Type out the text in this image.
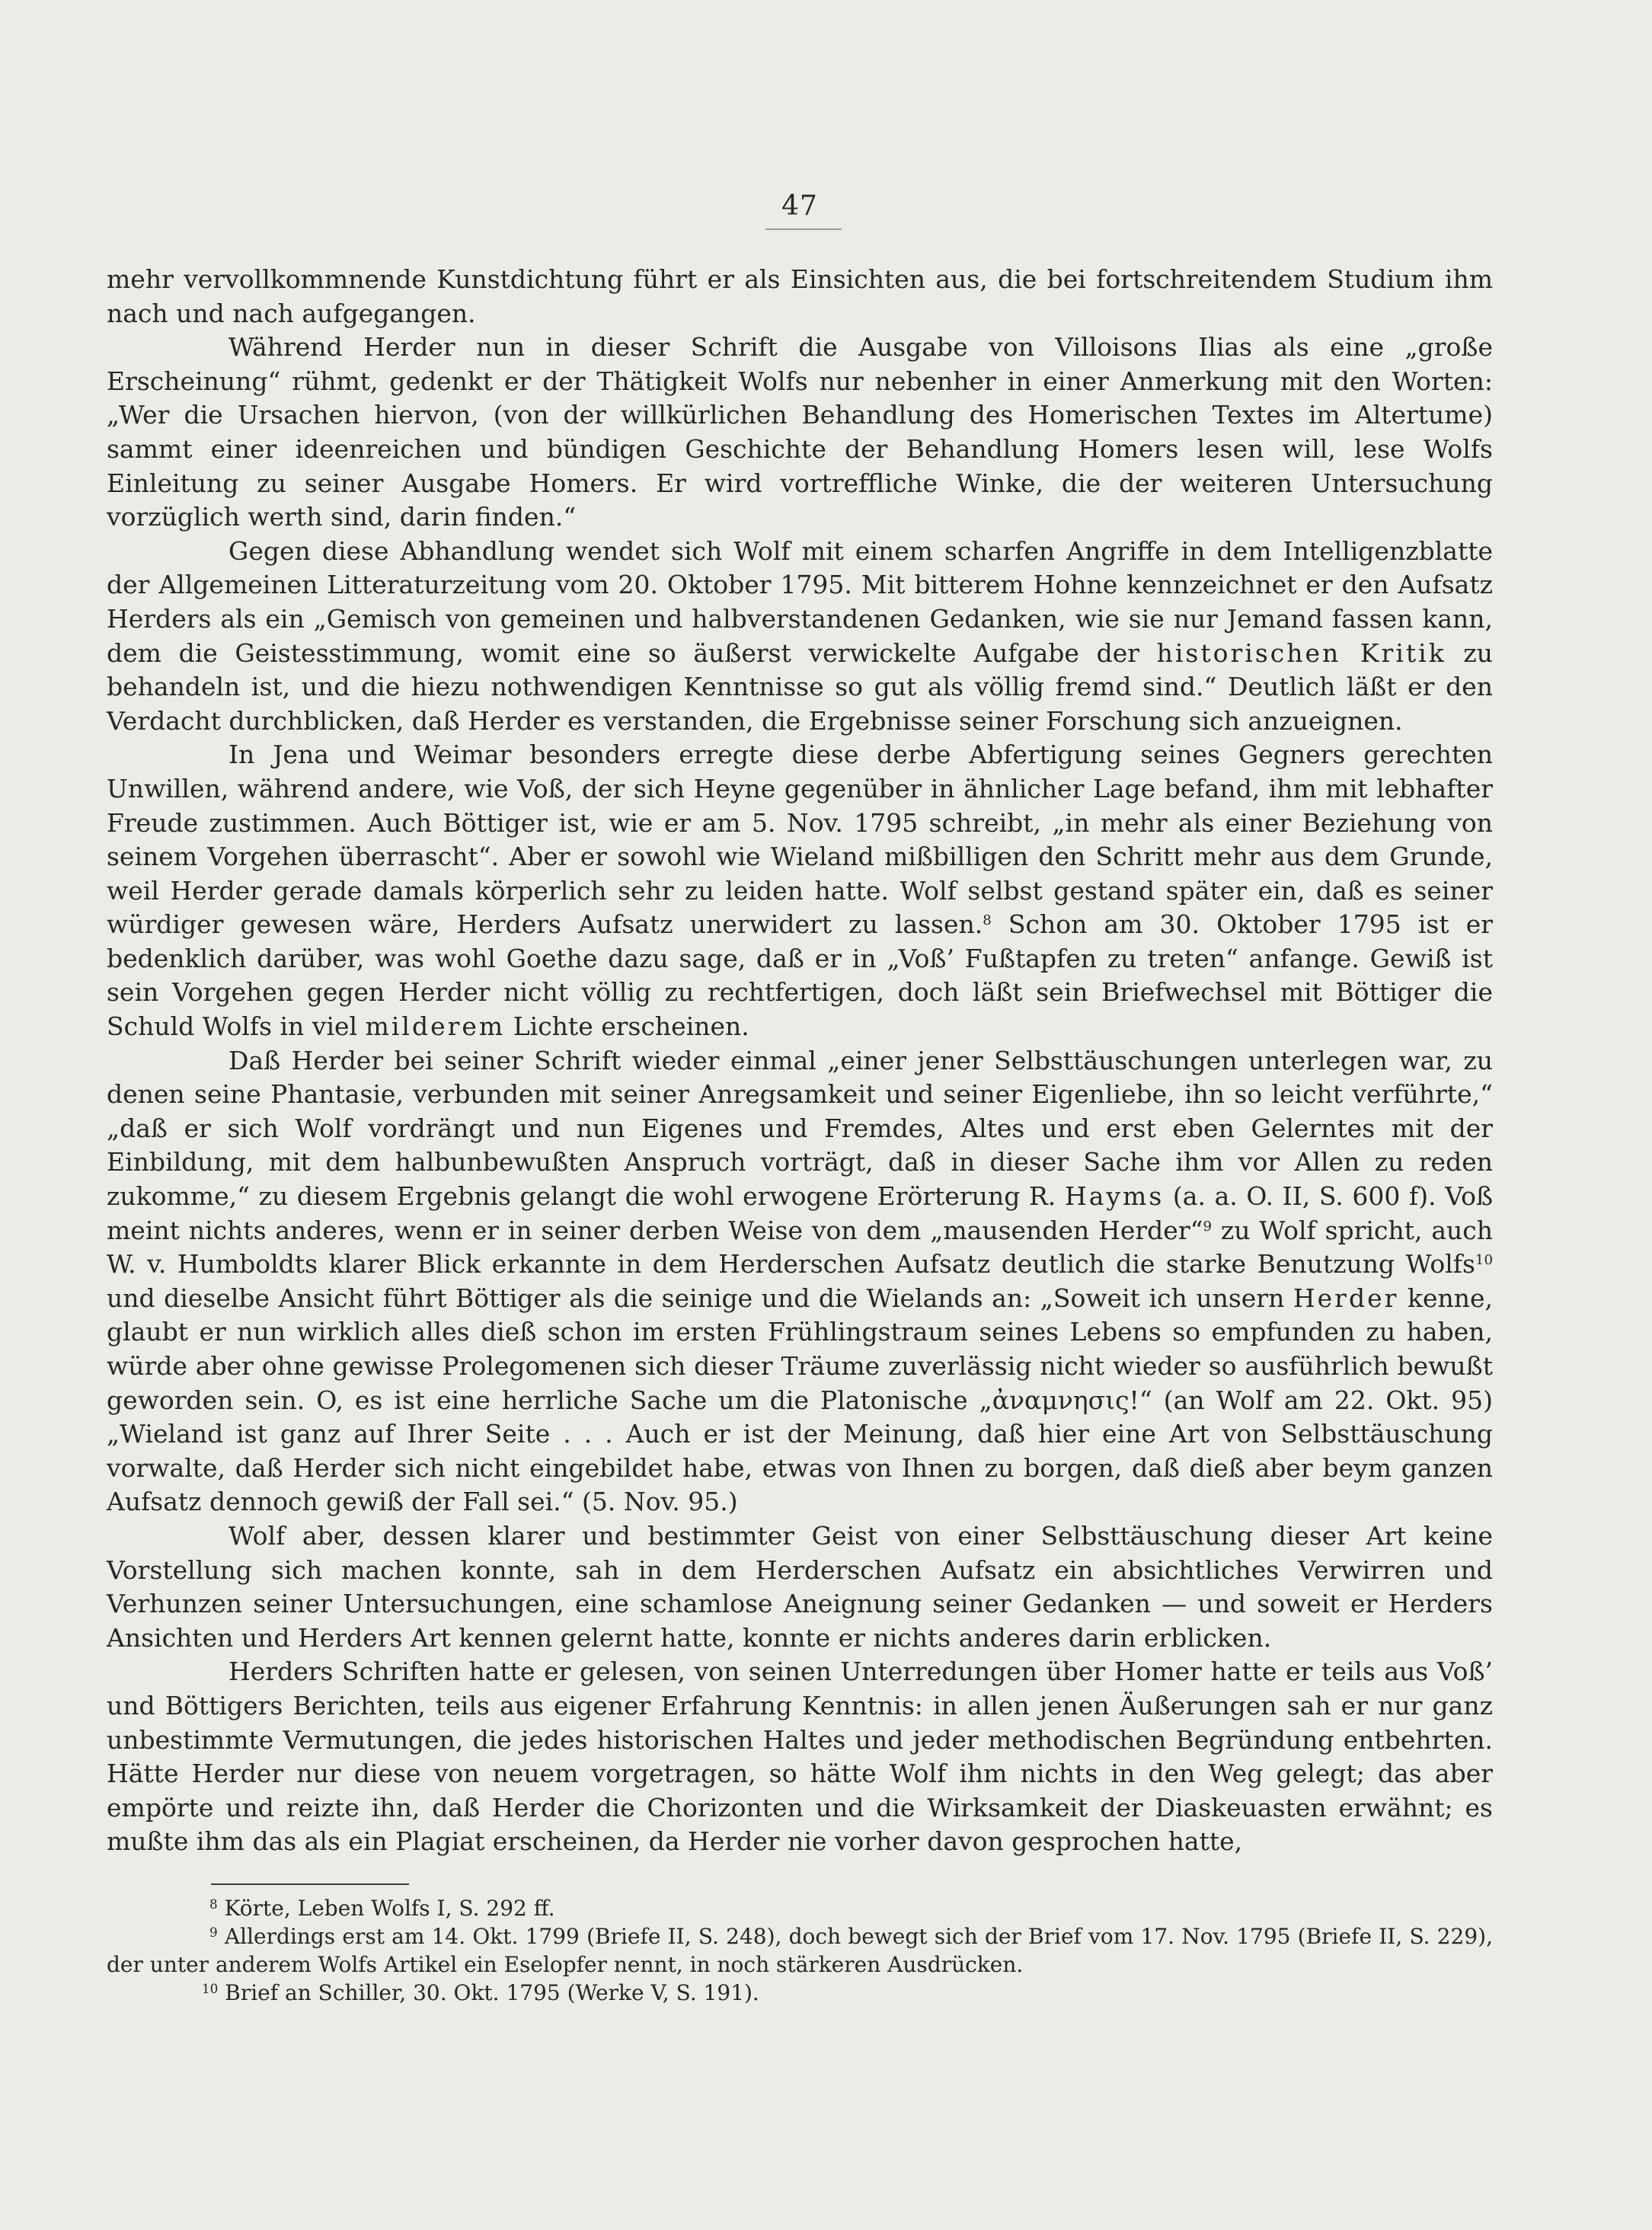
47

mehr vervollkommnende Kunstdichtung führt er als Einsichten aus, die bei fortschreitendem Studium ihm nach und nach aufgegangen.

Während Herder nun in dieser Schrift die Ausgabe von Villoisons Ilias als eine „große Erscheinung“ rühmt, gedenkt er der Thätigkeit Wolfs nur nebenher in einer Anmerkung mit den Worten: „Wer die Ursachen hiervon, (von der willkürlichen Behandlung des Homerischen Textes im Altertume) sammt einer ideenreichen und bündigen Geschichte der Behandlung Homers lesen will, lese Wolfs Einleitung zu seiner Ausgabe Homers. Er wird vortreffliche Winke, die der weiteren Untersuchung vorzüglich werth sind, darin finden.“

Gegen diese Abhandlung wendet sich Wolf mit einem scharfen Angriffe in dem Intelligenzblatte der Allgemeinen Litteraturzeitung vom 20. Oktober 1795. Mit bitterem Hohne kennzeichnet er den Aufsatz Herders als ein „Gemisch von gemeinen und halbverstandenen Gedanken, wie sie nur Jemand fassen kann, dem die Geistesstimmung, womit eine so äußerst verwickelte Aufgabe der historischen Kritik zu behandeln ist, und die hiezu nothwendigen Kenntnisse so gut als völlig fremd sind.“ Deutlich läßt er den Verdacht durchblicken, daß Herder es verstanden, die Ergebnisse seiner Forschung sich anzueignen.

In Jena und Weimar besonders erregte diese derbe Abfertigung seines Gegners gerechten Unwillen, während andere, wie Voß, der sich Heyne gegenüber in ähnlicher Lage befand, ihm mit lebhafter Freude zustimmen. Auch Böttiger ist, wie er am 5. Nov. 1795 schreibt, „in mehr als einer Beziehung von seinem Vorgehen überrascht“. Aber er sowohl wie Wieland mißbilligen den Schritt mehr aus dem Grunde, weil Herder gerade damals körperlich sehr zu leiden hatte. Wolf selbst gestand später ein, daß es seiner würdiger gewesen wäre, Herders Aufsatz unerwidert zu lassen.$^8$ Schon am 30. Oktober 1795 ist er bedenklich darüber, was wohl Goethe dazu sage, daß er in „Voß’ Fußtapfen zu treten“ anfange. Gewiß ist sein Vorgehen gegen Herder nicht völlig zu rechtfertigen, doch läßt sein Briefwechsel mit Böttiger die Schuld Wolfs in viel milderem Lichte erscheinen.

Daß Herder bei seiner Schrift wieder einmal „einer jener Selbsttäuschungen unterlegen war, zu denen seine Phantasie, verbunden mit seiner Anregsamkeit und seiner Eigenliebe, ihn so leicht verführte,“ „daß er sich Wolf vordrängt und nun Eigenes und Fremdes, Altes und erst eben Gelerntes mit der Einbildung, mit dem halbunbewußten Anspruch vorträgt, daß in dieser Sache ihm vor Allen zu reden zukomme,“ zu diesem Ergebnis gelangt die wohl erwogene Erörterung R. Hayms (a. a. O. II, S. 600 f). Voß meint nichts anderes, wenn er in seiner derben Weise von dem „mausenden Herder“$^9$ zu Wolf spricht, auch W. v. Humboldts klarer Blick erkannte in dem Herderschen Aufsatz deutlich die starke Benutzung Wolfs$^{10}$ und dieselbe Ansicht führt Böttiger als die seinige und die Wielands an: „Soweit ich unsern Herder kenne, glaubt er nun wirklich alles dieß schon im ersten Frühlingstraum seines Lebens so empfunden zu haben, würde aber ohne gewisse Prolegomenen sich dieser Träume zuverlässig nicht wieder so ausführlich bewußt geworden sein. O, es ist eine herrliche Sache um die Platonische „ἀναμνησις!“ (an Wolf am 22. Okt. 95) „Wieland ist ganz auf Ihrer Seite . . . Auch er ist der Meinung, daß hier eine Art von Selbsttäuschung vorwalte, daß Herder sich nicht eingebildet habe, etwas von Ihnen zu borgen, daß dieß aber beym ganzen Aufsatz dennoch gewiß der Fall sei.“ (5. Nov. 95.)

Wolf aber, dessen klarer und bestimmter Geist von einer Selbsttäuschung dieser Art keine Vorstellung sich machen konnte, sah in dem Herderschen Aufsatz ein absichtliches Verwirren und Verhunzen seiner Untersuchungen, eine schamlose Aneignung seiner Gedanken — und soweit er Herders Ansichten und Herders Art kennen gelernt hatte, konnte er nichts anderes darin erblicken.

Herders Schriften hatte er gelesen, von seinen Unterredungen über Homer hatte er teils aus Voß’ und Böttigers Berichten, teils aus eigener Erfahrung Kenntnis: in allen jenen Äußerungen sah er nur ganz unbestimmte Vermutungen, die jedes historischen Haltes und jeder methodischen Begründung entbehrten. Hätte Herder nur diese von neuem vorgetragen, so hätte Wolf ihm nichts in den Weg gelegt; das aber empörte und reizte ihn, daß Herder die Chorizonten und die Wirksamkeit der Diaskeuasten erwähnt; es mußte ihm das als ein Plagiat erscheinen, da Herder nie vorher davon gesprochen hatte,

$^8$ Körte, Leben Wolfs I, S. 292 ff.

$^9$ Allerdings erst am 14. Okt. 1799 (Briefe II, S. 248), doch bewegt sich der Brief vom 17. Nov. 1795 (Briefe II, S. 229), der unter anderem Wolfs Artikel ein Eselopfer nennt, in noch stärkeren Ausdrücken.

$^{10}$ Brief an Schiller, 30. Okt. 1795 (Werke V, S. 191).
